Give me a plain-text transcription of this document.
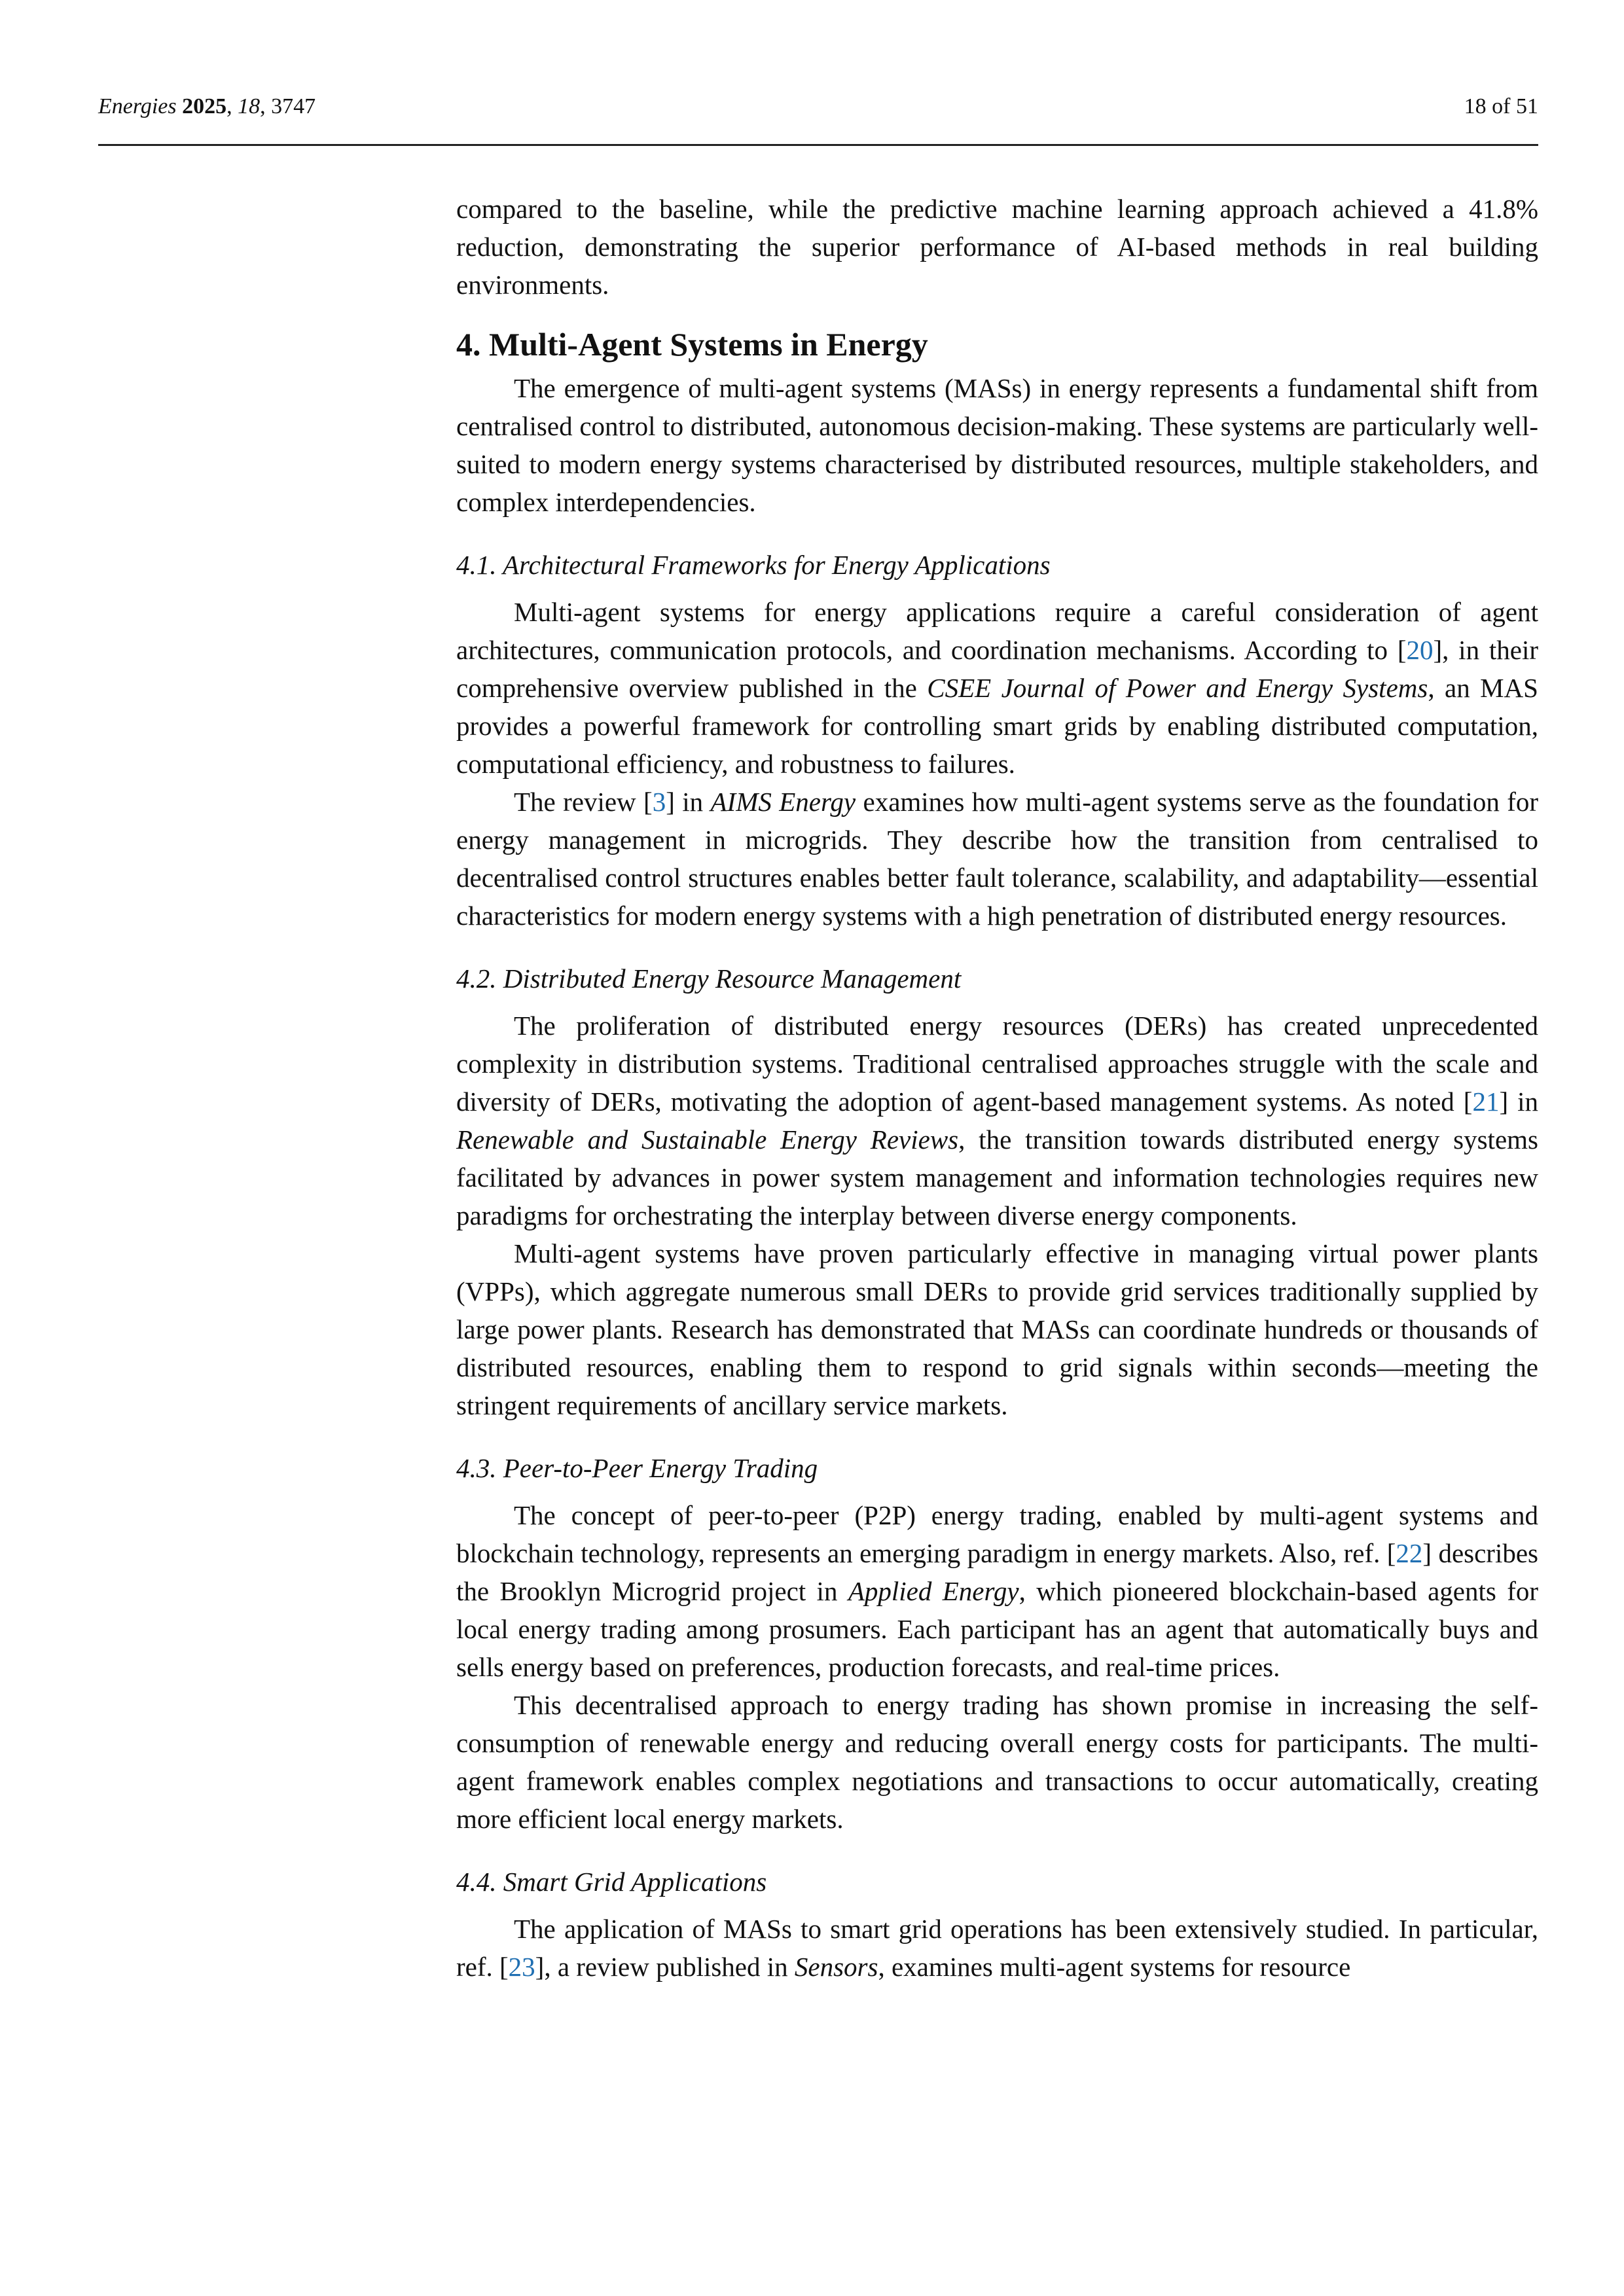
Energies 2025, 18, 3747	18 of 51

compared to the baseline, while the predictive machine learning approach achieved a 41.8% reduction, demonstrating the superior performance of AI-based methods in real building environments.

4. Multi-Agent Systems in Energy

The emergence of multi-agent systems (MASs) in energy represents a fundamental shift from centralised control to distributed, autonomous decision-making. These systems are particularly well-suited to modern energy systems characterised by distributed resources, multiple stakeholders, and complex interdependencies.

4.1. Architectural Frameworks for Energy Applications

Multi-agent systems for energy applications require a careful consideration of agent architectures, communication protocols, and coordination mechanisms. According to [20], in their comprehensive overview published in the CSEE Journal of Power and Energy Systems, an MAS provides a powerful framework for controlling smart grids by enabling distributed computation, computational efficiency, and robustness to failures.

The review [3] in AIMS Energy examines how multi-agent systems serve as the foundation for energy management in microgrids. They describe how the transition from centralised to decentralised control structures enables better fault tolerance, scalability, and adaptability—essential characteristics for modern energy systems with a high penetration of distributed energy resources.

4.2. Distributed Energy Resource Management

The proliferation of distributed energy resources (DERs) has created unprecedented complexity in distribution systems. Traditional centralised approaches struggle with the scale and diversity of DERs, motivating the adoption of agent-based management systems. As noted [21] in Renewable and Sustainable Energy Reviews, the transition towards distributed energy systems facilitated by advances in power system management and information technologies requires new paradigms for orchestrating the interplay between diverse energy components.

Multi-agent systems have proven particularly effective in managing virtual power plants (VPPs), which aggregate numerous small DERs to provide grid services traditionally supplied by large power plants. Research has demonstrated that MASs can coordinate hundreds or thousands of distributed resources, enabling them to respond to grid signals within seconds—meeting the stringent requirements of ancillary service markets.

4.3. Peer-to-Peer Energy Trading

The concept of peer-to-peer (P2P) energy trading, enabled by multi-agent systems and blockchain technology, represents an emerging paradigm in energy markets. Also, ref. [22] describes the Brooklyn Microgrid project in Applied Energy, which pioneered blockchain-based agents for local energy trading among prosumers. Each participant has an agent that automatically buys and sells energy based on preferences, production forecasts, and real-time prices.

This decentralised approach to energy trading has shown promise in increasing the self-consumption of renewable energy and reducing overall energy costs for participants. The multi-agent framework enables complex negotiations and transactions to occur automatically, creating more efficient local energy markets.

4.4. Smart Grid Applications

The application of MASs to smart grid operations has been extensively studied. In particular, ref. [23], a review published in Sensors, examines multi-agent systems for resource
